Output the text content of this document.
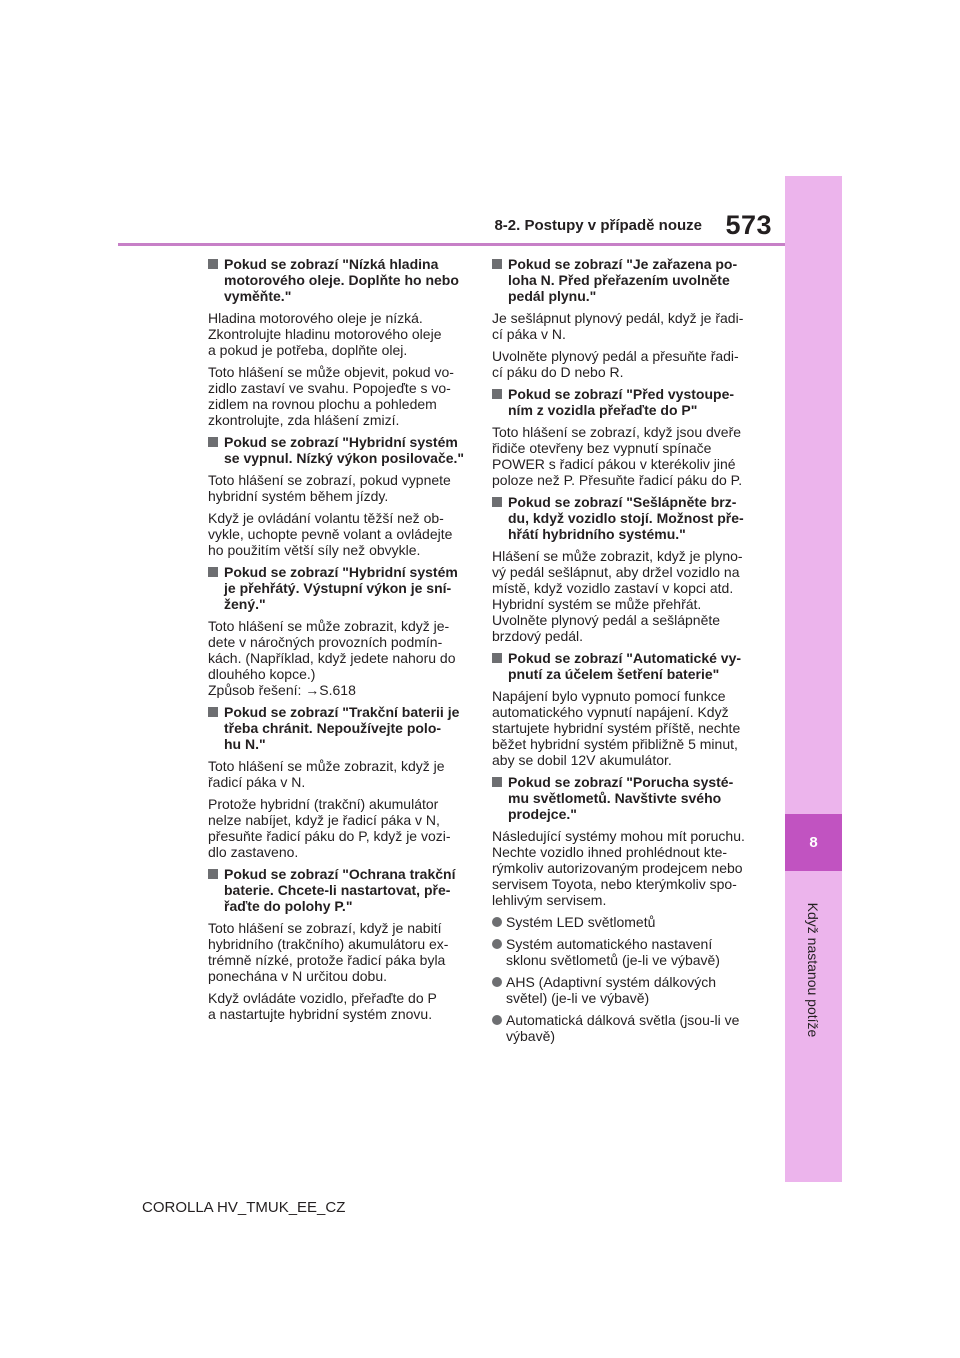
8
Když nastanou potíže
8-2. Postupy v případě nouze 573
Pokud se zobrazí "Nízká hladina motorového oleje. Doplňte ho nebo vyměňte."

Hladina motorového oleje je nízká.
Zkontrolujte hladinu motorového oleje
a pokud je potřeba, doplňte olej.

Toto hlášení se může objevit, pokud vo-
zidlo zastaví ve svahu. Popojeďte s vo-
zidlem na rovnou plochu a pohledem
zkontrolujte, zda hlášení zmizí.

Pokud se zobrazí "Hybridní systém se vypnul. Nízký výkon posilovače."

Toto hlášení se zobrazí, pokud vypnete
hybridní systém během jízdy.

Když je ovládání volantu těžší než ob-
vykle, uchopte pevně volant a ovládejte
ho použitím větší síly než obvykle.

Pokud se zobrazí "Hybridní systém je přehřátý. Výstupní výkon je sní-
žený."

Toto hlášení se může zobrazit, když je-
dete v náročných provozních podmín-
kách. (Například, když jedete nahoru do
dlouhého kopce.)
Způsob řešení: →S.618

Pokud se zobrazí "Trakční baterii je třeba chránit. Nepoužívejte polo-
hu N."

Toto hlášení se může zobrazit, když je
řadicí páka v N.

Protože hybridní (trakční) akumulátor
nelze nabíjet, když je řadicí páka v N,
přesuňte řadicí páku do P, když je vozi-
dlo zastaveno.

Pokud se zobrazí "Ochrana trakční baterie. Chcete-li nastartovat, pře-
řaďte do polohy P."

Toto hlášení se zobrazí, když je nabití
hybridního (trakčního) akumulátoru ex-
trémně nízké, protože řadicí páka byla
ponechána v N určitou dobu.

Když ovládáte vozidlo, přeřaďte do P
a nastartujte hybridní systém znovu.

Pokud se zobrazí "Je zařazena po-
loha N. Před přeřazením uvolněte
pedál plynu."

Je sešlápnut plynový pedál, když je řadi-
cí páka v N.

Uvolněte plynový pedál a přesuňte řadi-
cí páku do D nebo R.

Pokud se zobrazí "Před vystoupe-
ním z vozidla přeřaďte do P"

Toto hlášení se zobrazí, když jsou dveře
řidiče otevřeny bez vypnutí spínače
POWER s řadicí pákou v kterékoliv jiné
poloze než P. Přesuňte řadicí páku do P.

Pokud se zobrazí "Sešlápněte brz-
du, když vozidlo stojí. Možnost pře-
hřátí hybridního systému."

Hlášení se může zobrazit, když je plyno-
vý pedál sešlápnut, aby držel vozidlo na
místě, když vozidlo zastaví v kopci atd.
Hybridní systém se může přehřát.
Uvolněte plynový pedál a sešlápněte
brzdový pedál.

Pokud se zobrazí "Automatické vy-
pnutí za účelem šetření baterie"

Napájení bylo vypnuto pomocí funkce
automatického vypnutí napájení. Když
startujete hybridní systém příště, nechte
běžet hybridní systém přibližně 5 minut,
aby se dobil 12V akumulátor.

Pokud se zobrazí "Porucha systé-
mu světlometů. Navštivte svého
prodejce."

Následující systémy mohou mít poruchu.
Nechte vozidlo ihned prohlédnout kte-
rýmkoliv autorizovaným prodejcem nebo
servisem Toyota, nebo kterýmkoliv spo-
lehlivým servisem.

Systém LED světlometů
Systém automatického nastavení
sklonu světlometů (je-li ve výbavě)
AHS (Adaptivní systém dálkových
světel) (je-li ve výbavě)
Automatická dálková světla (jsou-li ve
výbavě)
COROLLA HV_TMUK_EE_CZ
